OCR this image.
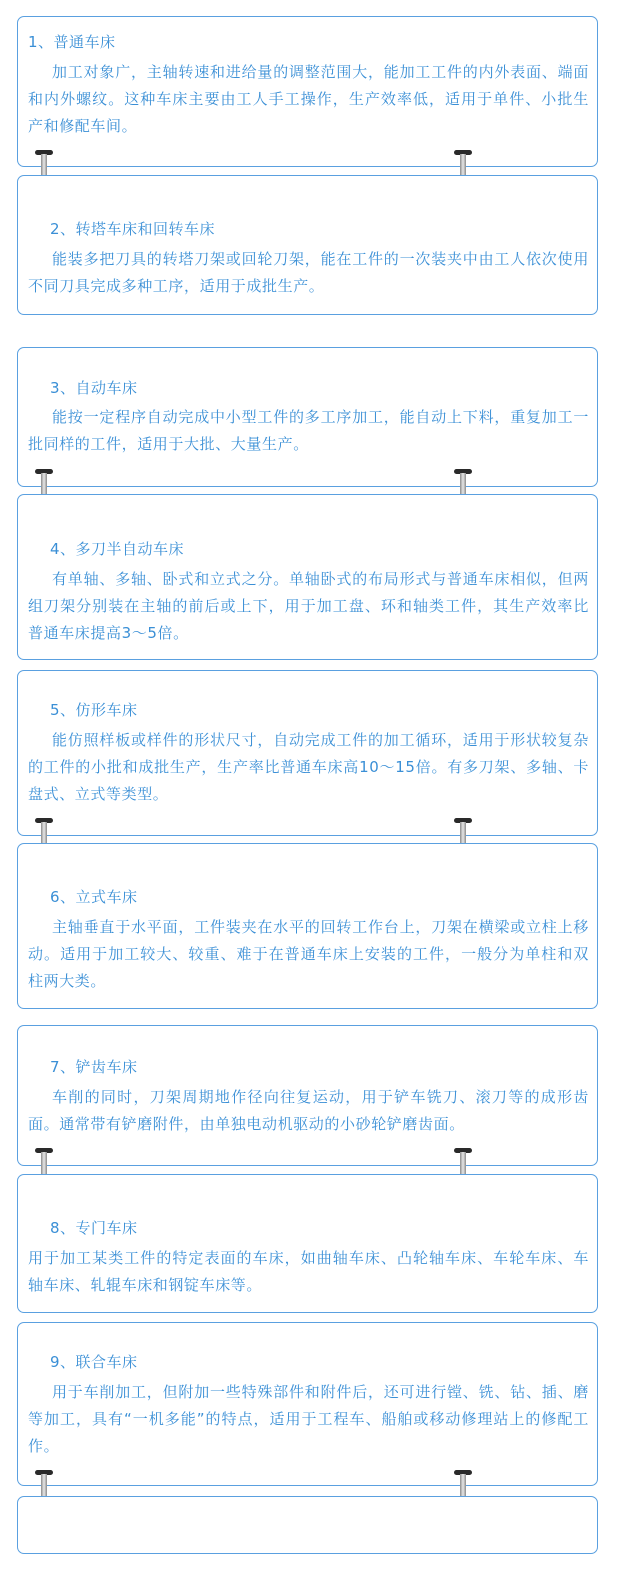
1、普通车床
加工对象广，主轴转速和进给量的调整范围大，能加工工件的内外表面、端面和内外螺纹。这种车床主要由工人手工操作，生产效率低，适用于单件、小批生产和修配车间。
2、转塔车床和回转车床
能装多把刀具的转塔刀架或回轮刀架，能在工件的一次装夹中由工人依次使用不同刀具完成多种工序，适用于成批生产。
3、自动车床
能按一定程序自动完成中小型工件的多工序加工，能自动上下料，重复加工一批同样的工件，适用于大批、大量生产。
4、多刀半自动车床
有单轴、多轴、卧式和立式之分。单轴卧式的布局形式与普通车床相似，但两组刀架分别装在主轴的前后或上下，用于加工盘、环和轴类工件，其生产效率比普通车床提高3～5倍。
5、仿形车床
能仿照样板或样件的形状尺寸，自动完成工件的加工循环，适用于形状较复杂的工件的小批和成批生产，生产率比普通车床高10～15倍。有多刀架、多轴、卡盘式、立式等类型。
6、立式车床
主轴垂直于水平面，工件装夹在水平的回转工作台上，刀架在横梁或立柱上移动。适用于加工较大、较重、难于在普通车床上安装的工件，一般分为单柱和双柱两大类。
7、铲齿车床
车削的同时，刀架周期地作径向往复运动，用于铲车铣刀、滚刀等的成形齿面。通常带有铲磨附件，由单独电动机驱动的小砂轮铲磨齿面。
8、专门车床
用于加工某类工件的特定表面的车床，如曲轴车床、凸轮轴车床、车轮车床、车轴车床、轧辊车床和钢锭车床等。
9、联合车床
用于车削加工，但附加一些特殊部件和附件后，还可进行镗、铣、钻、插、磨等加工，具有“一机多能”的特点，适用于工程车、船舶或移动修理站上的修配工作。
